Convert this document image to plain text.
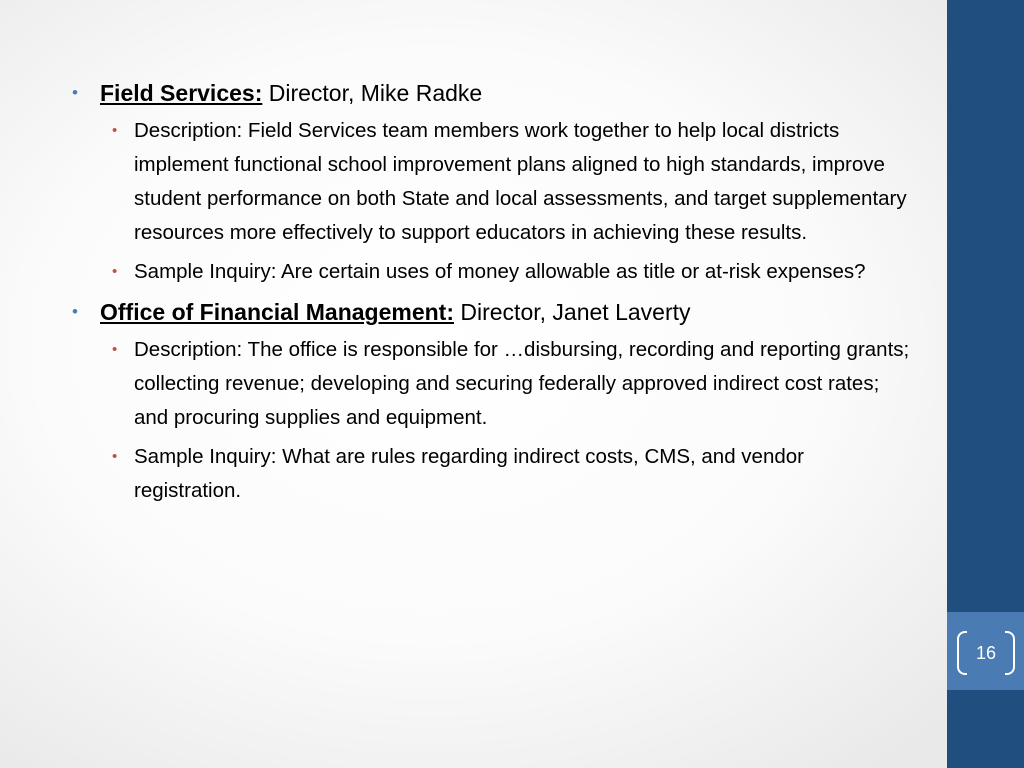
• Field Services: Director, Mike Radke
• Description: Field Services team members work together to help local districts implement functional school improvement plans aligned to high standards, improve student performance on both State and local assessments, and target supplementary resources more effectively to support educators in achieving these results.
• Sample Inquiry: Are certain uses of money allowable as title or at-risk expenses?
• Office of Financial Management: Director, Janet Laverty
• Description: The office is responsible for …disbursing, recording and reporting grants; collecting revenue; developing and securing federally approved indirect cost rates; and procuring supplies and equipment.
• Sample Inquiry: What are rules regarding indirect costs, CMS, and vendor registration.
16
